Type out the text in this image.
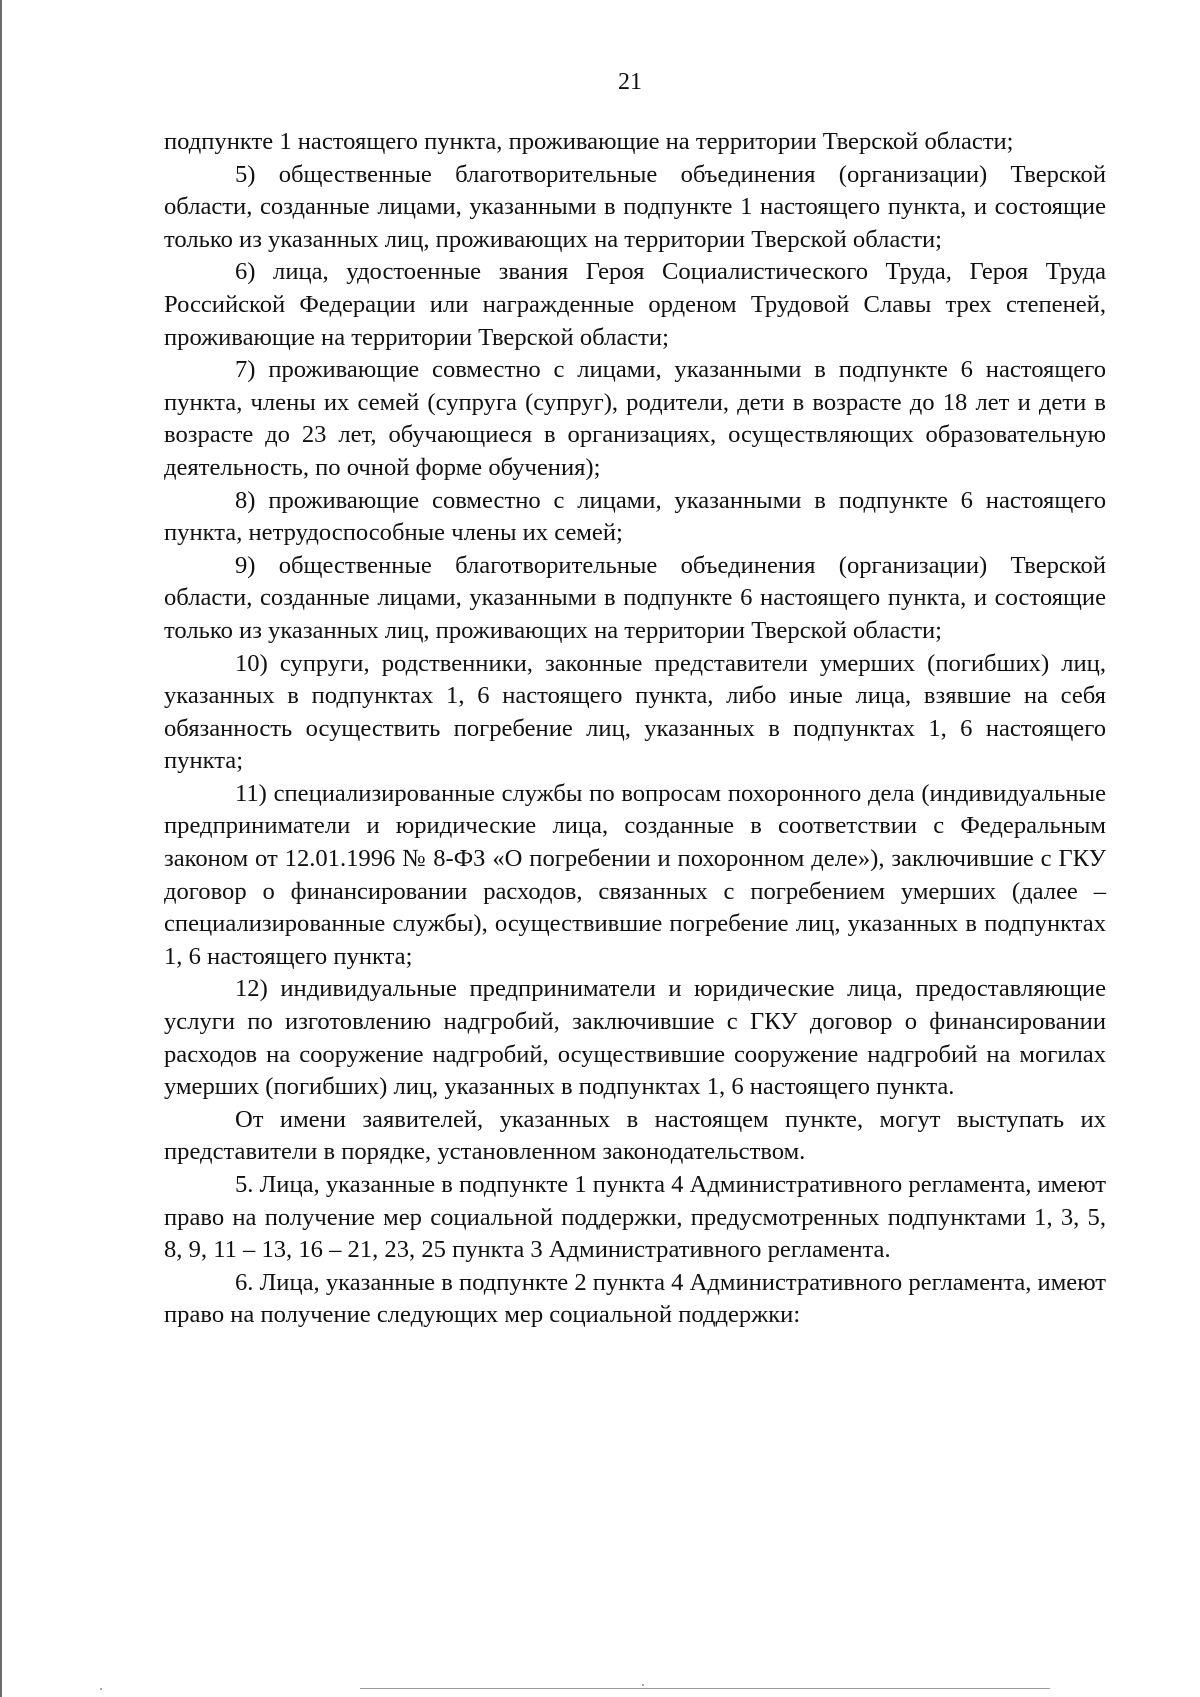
21

подпункте 1 настоящего пункта, проживающие на территории Тверской области;

5) общественные благотворительные объединения (организации) Тверской области, созданные лицами, указанными в подпункте 1 настоящего пункта, и состоящие только из указанных лиц, проживающих на территории Тверской области;

6) лица, удостоенные звания Героя Социалистического Труда, Героя Труда Российской Федерации или награжденные орденом Трудовой Славы трех степеней, проживающие на территории Тверской области;

7) проживающие совместно с лицами, указанными в подпункте 6 настоящего пункта, члены их семей (супруга (супруг), родители, дети в возрасте до 18 лет и дети в возрасте до 23 лет, обучающиеся в организациях, осуществляющих образовательную деятельность, по очной форме обучения);

8) проживающие совместно с лицами, указанными в подпункте 6 настоящего пункта, нетрудоспособные члены их семей;

9) общественные благотворительные объединения (организации) Тверской области, созданные лицами, указанными в подпункте 6 настоящего пункта, и состоящие только из указанных лиц, проживающих на территории Тверской области;

10) супруги, родственники, законные представители умерших (погибших) лиц, указанных в подпунктах 1, 6 настоящего пункта, либо иные лица, взявшие на себя обязанность осуществить погребение лиц, указанных в подпунктах 1, 6 настоящего пункта;

11) специализированные службы по вопросам похоронного дела (индивидуальные предприниматели и юридические лица, созданные в соответствии с Федеральным законом от 12.01.1996 № 8-ФЗ «О погребении и похоронном деле»), заключившие с ГКУ договор о финансировании расходов, связанных с погребением умерших (далее – специализированные службы), осуществившие погребение лиц, указанных в подпунктах 1, 6 настоящего пункта;

12) индивидуальные предприниматели и юридические лица, предоставляющие услуги по изготовлению надгробий, заключившие с ГКУ договор о финансировании расходов на сооружение надгробий, осуществившие сооружение надгробий на могилах умерших (погибших) лиц, указанных в подпунктах 1, 6 настоящего пункта.

От имени заявителей, указанных в настоящем пункте, могут выступать их представители в порядке, установленном законодательством.

5. Лица, указанные в подпункте 1 пункта 4 Административного регламента, имеют право на получение мер социальной поддержки, предусмотренных подпунктами 1, 3, 5, 8, 9, 11 – 13, 16 – 21, 23, 25 пункта 3 Административного регламента.

6. Лица, указанные в подпункте 2 пункта 4 Административного регламента, имеют право на получение следующих мер социальной поддержки:
